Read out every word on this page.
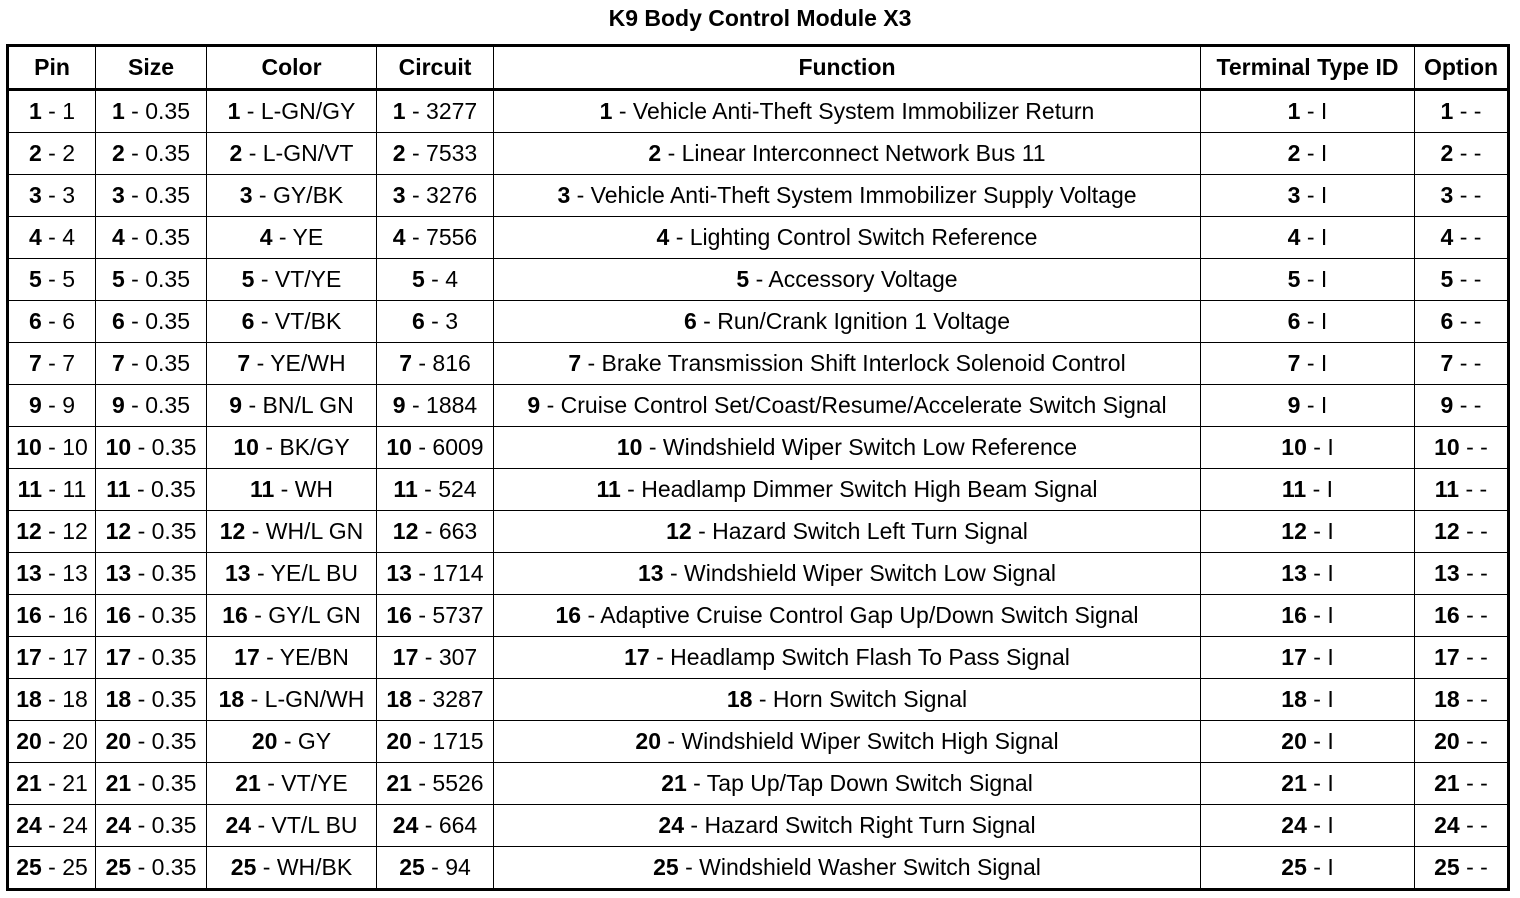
K9 Body Control Module X3
Pin	Size	Color	Circuit	Function	Terminal Type ID	Option
1 - 1	1 - 0.35	1 - L-GN/GY	1 - 3277	1 - Vehicle Anti-Theft System Immobilizer Return	1 - I	1 - -
2 - 2	2 - 0.35	2 - L-GN/VT	2 - 7533	2 - Linear Interconnect Network Bus 11	2 - I	2 - -
3 - 3	3 - 0.35	3 - GY/BK	3 - 3276	3 - Vehicle Anti-Theft System Immobilizer Supply Voltage	3 - I	3 - -
4 - 4	4 - 0.35	4 - YE	4 - 7556	4 - Lighting Control Switch Reference	4 - I	4 - -
5 - 5	5 - 0.35	5 - VT/YE	5 - 4	5 - Accessory Voltage	5 - I	5 - -
6 - 6	6 - 0.35	6 - VT/BK	6 - 3	6 - Run/Crank Ignition 1 Voltage	6 - I	6 - -
7 - 7	7 - 0.35	7 - YE/WH	7 - 816	7 - Brake Transmission Shift Interlock Solenoid Control	7 - I	7 - -
9 - 9	9 - 0.35	9 - BN/L GN	9 - 1884	9 - Cruise Control Set/Coast/Resume/Accelerate Switch Signal	9 - I	9 - -
10 - 10	10 - 0.35	10 - BK/GY	10 - 6009	10 - Windshield Wiper Switch Low Reference	10 - I	10 - -
11 - 11	11 - 0.35	11 - WH	11 - 524	11 - Headlamp Dimmer Switch High Beam Signal	11 - I	11 - -
12 - 12	12 - 0.35	12 - WH/L GN	12 - 663	12 - Hazard Switch Left Turn Signal	12 - I	12 - -
13 - 13	13 - 0.35	13 - YE/L BU	13 - 1714	13 - Windshield Wiper Switch Low Signal	13 - I	13 - -
16 - 16	16 - 0.35	16 - GY/L GN	16 - 5737	16 - Adaptive Cruise Control Gap Up/Down Switch Signal	16 - I	16 - -
17 - 17	17 - 0.35	17 - YE/BN	17 - 307	17 - Headlamp Switch Flash To Pass Signal	17 - I	17 - -
18 - 18	18 - 0.35	18 - L-GN/WH	18 - 3287	18 - Horn Switch Signal	18 - I	18 - -
20 - 20	20 - 0.35	20 - GY	20 - 1715	20 - Windshield Wiper Switch High Signal	20 - I	20 - -
21 - 21	21 - 0.35	21 - VT/YE	21 - 5526	21 - Tap Up/Tap Down Switch Signal	21 - I	21 - -
24 - 24	24 - 0.35	24 - VT/L BU	24 - 664	24 - Hazard Switch Right Turn Signal	24 - I	24 - -
25 - 25	25 - 0.35	25 - WH/BK	25 - 94	25 - Windshield Washer Switch Signal	25 - I	25 - -
